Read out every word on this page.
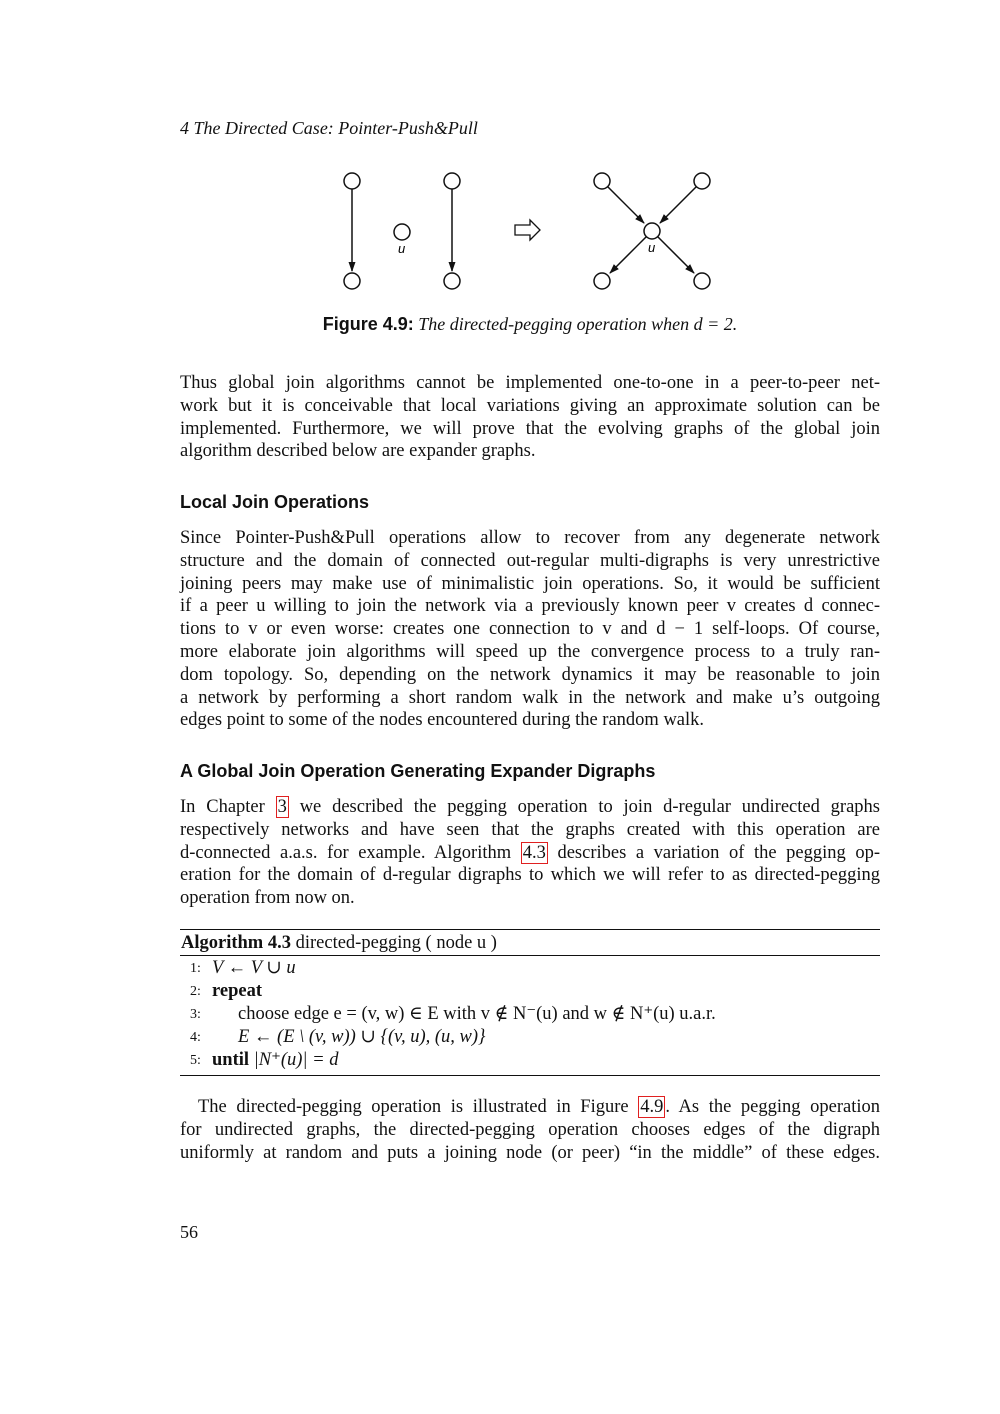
4 The Directed Case: Pointer-Push&Pull
u	u
Figure 4.9: The directed-pegging operation when d = 2.
Thus global join algorithms cannot be implemented one-to-one in a peer-to-peer net-
work but it is conceivable that local variations giving an approximate solution can be
implemented. Furthermore, we will prove that the evolving graphs of the global join
algorithm described below are expander graphs.
Local Join Operations
Since Pointer-Push&Pull operations allow to recover from any degenerate network
structure and the domain of connected out-regular multi-digraphs is very unrestrictive
joining peers may make use of minimalistic join operations. So, it would be sufficient
if a peer u willing to join the network via a previously known peer v creates d connec-
tions to v or even worse: creates one connection to v and d − 1 self-loops. Of course,
more elaborate join algorithms will speed up the convergence process to a truly ran-
dom topology. So, depending on the network dynamics it may be reasonable to join
a network by performing a short random walk in the network and make u’s outgoing
edges point to some of the nodes encountered during the random walk.
A Global Join Operation Generating Expander Digraphs
In Chapter 3 we described the pegging operation to join d-regular undirected graphs
respectively networks and have seen that the graphs created with this operation are
d-connected a.a.s. for example. Algorithm 4.3 describes a variation of the pegging op-
eration for the domain of d-regular digraphs to which we will refer to as directed-pegging
operation from now on.
Algorithm 4.3 directed-pegging ( node u )
1: V ← V ∪ u
2: repeat
3:	choose edge e = (v, w) ∈ E with v ∉ N⁻(u) and w ∉ N⁺(u) u.a.r.
4:	E ← (E \ (v, w)) ∪ {(v, u), (u, w)}
5: until |N⁺(u)| = d
The directed-pegging operation is illustrated in Figure 4.9 . As the pegging operation
for undirected graphs, the directed-pegging operation chooses edges of the digraph
uniformly at random and puts a joining node (or peer) “in the middle” of these edges.
56
